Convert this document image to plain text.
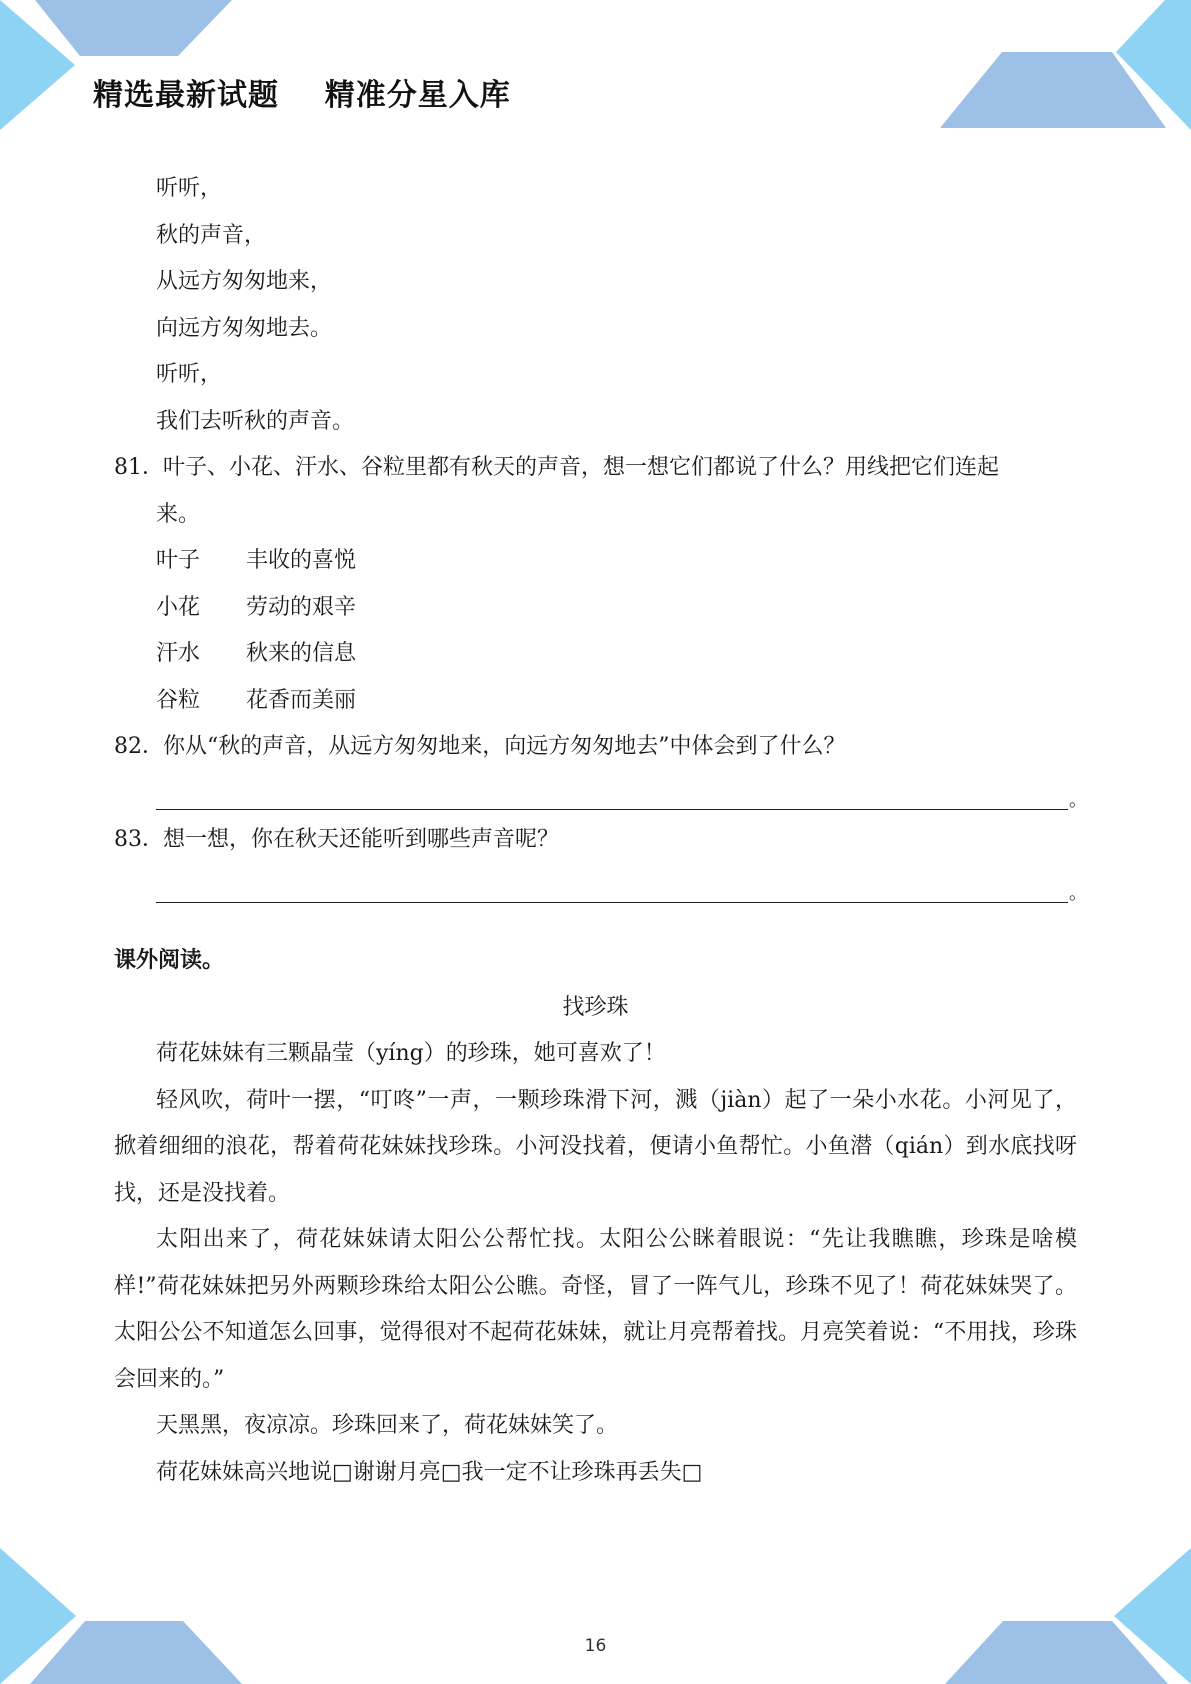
精选最新试题    精准分星入库
听听，
秋的声音，
从远方匆匆地来，
向远方匆匆地去。
听听，
我们去听秋的声音。
81．叶子、小花、汗水、谷粒里都有秋天的声音，想一想它们都说了什么？用线把它们连起
来。
叶子 丰收的喜悦
小花 劳动的艰辛
汗水 秋来的信息
谷粒 花香而美丽
82．你从“秋的声音，从远方匆匆地来，向远方匆匆地去”中体会到了什么？
。
83．想一想，你在秋天还能听到哪些声音呢？
。
课外阅读。
找珍珠

荷花妹妹有三颗晶莹（yíng）的珍珠，她可喜欢了！

轻风吹，荷叶一摆，“叮咚”一声，一颗珍珠滑下河，溅（jiàn）起了一朵小水花。小河见了，掀着细细的浪花，帮着荷花妹妹找珍珠。小河没找着，便请小鱼帮忙。小鱼潜（qián）到水底找呀找，还是没找着。

太阳出来了，荷花妹妹请太阳公公帮忙找。太阳公公眯着眼说：“先让我瞧瞧，珍珠是啥模样!”荷花妹妹把另外两颗珍珠给太阳公公瞧。奇怪，冒了一阵气儿，珍珠不见了！荷花妹妹哭了。太阳公公不知道怎么回事，觉得很对不起荷花妹妹，就让月亮帮着找。月亮笑着说：“不用找，珍珠会回来的。”

天黑黑，夜凉凉。珍珠回来了，荷花妹妹笑了。

荷花妹妹高兴地说□谢谢月亮□我一定不让珍珠再丢失□

16
